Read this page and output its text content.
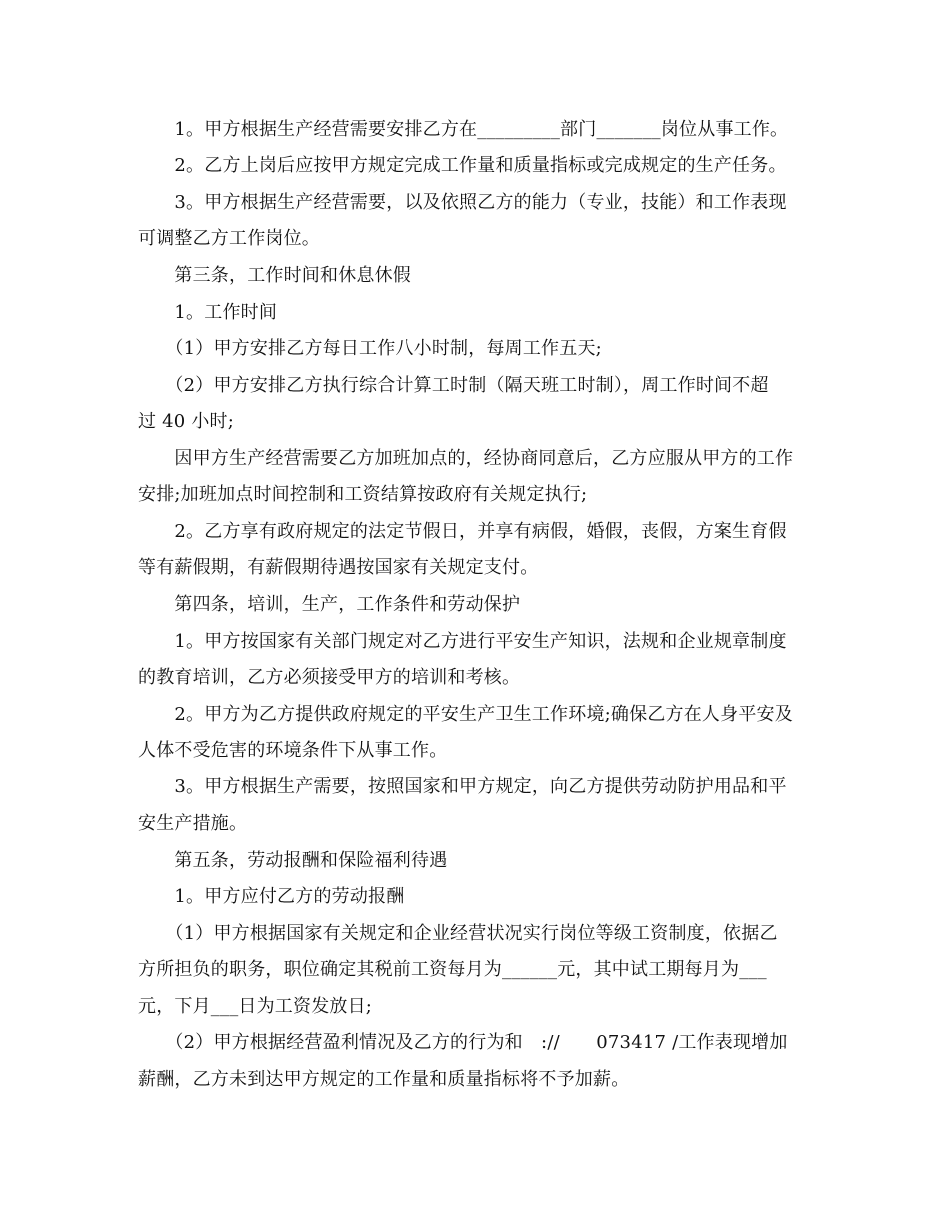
　　1。甲方根据生产经营需要安排乙方在_________部门_______岗位从事工作。
　　2。乙方上岗后应按甲方规定完成工作量和质量指标或完成规定的生产任务。
　　3。甲方根据生产经营需要，以及依照乙方的能力（专业，技能）和工作表现
可调整乙方工作岗位。
　　第三条，工作时间和休息休假
　　1。工作时间
　　（1）甲方安排乙方每日工作八小时制，每周工作五天;
　　（2）甲方安排乙方执行综合计算工时制（隔天班工时制），周工作时间不超
过 40 小时;
　　因甲方生产经营需要乙方加班加点的，经协商同意后，乙方应服从甲方的工作
安排;加班加点时间控制和工资结算按政府有关规定执行;
　　2。乙方享有政府规定的法定节假日，并享有病假，婚假，丧假，方案生育假
等有薪假期，有薪假期待遇按国家有关规定支付。
　　第四条，培训，生产，工作条件和劳动保护
　　1。甲方按国家有关部门规定对乙方进行平安生产知识，法规和企业规章制度
的教育培训，乙方必须接受甲方的培训和考核。
　　2。甲方为乙方提供政府规定的平安生产卫生工作环境;确保乙方在人身平安及
人体不受危害的环境条件下从事工作。
　　3。甲方根据生产需要，按照国家和甲方规定，向乙方提供劳动防护用品和平
安生产措施。
　　第五条，劳动报酬和保险福利待遇
　　1。甲方应付乙方的劳动报酬
　　（1）甲方根据国家有关规定和企业经营状况实行岗位等级工资制度，依据乙
方所担负的职务，职位确定其税前工资每月为______元，其中试工期每月为___
元，下月___日为工资发放日;
　　（2）甲方根据经营盈利情况及乙方的行为和　://　　073417 /工作表现增加
薪酬，乙方未到达甲方规定的工作量和质量指标将不予加薪。
